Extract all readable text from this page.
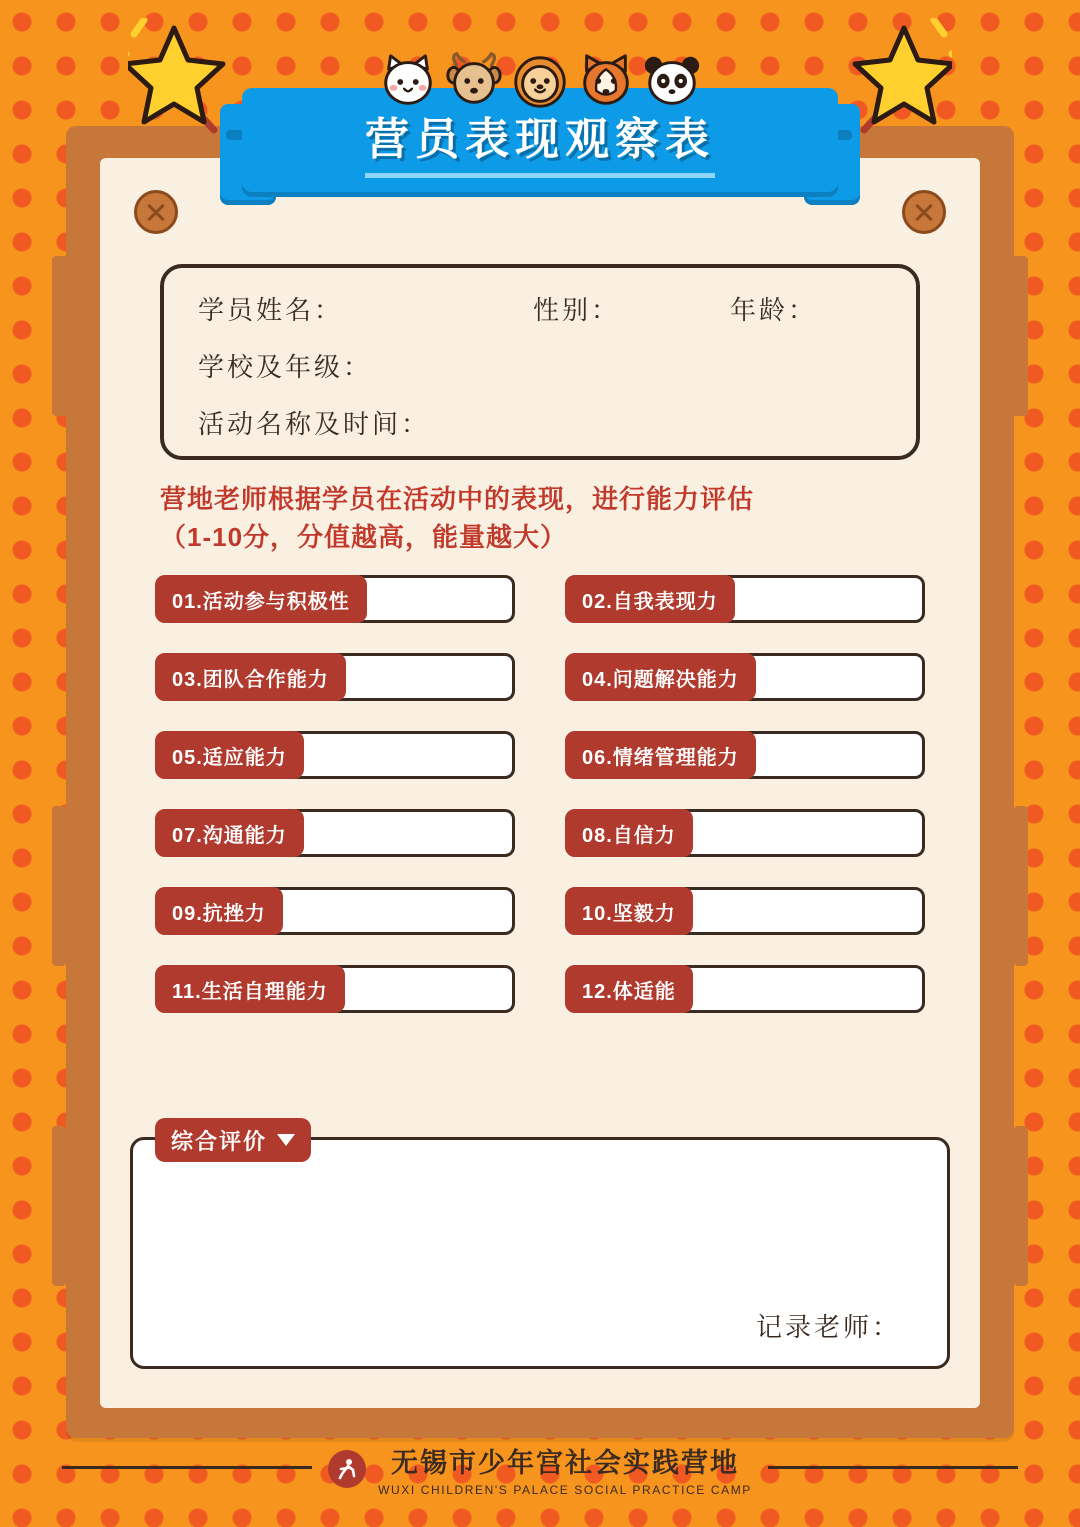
营员表现观察表
学员姓名：	性别：	年龄：
学校及年级：
活动名称及时间：
营地老师根据学员在活动中的表现，进行能力评估
（1-10分，分值越高，能量越大）
01.活动参与积极性	02.自我表现力
03.团队合作能力	04.问题解决能力
05.适应能力	06.情绪管理能力
07.沟通能力	08.自信力
09.抗挫力	10.坚毅力
11.生活自理能力	12.体适能
记录老师：
综合评价
无锡市少年宫社会实践营地
WUXI CHILDREN'S PALACE SOCIAL PRACTICE CAMP
